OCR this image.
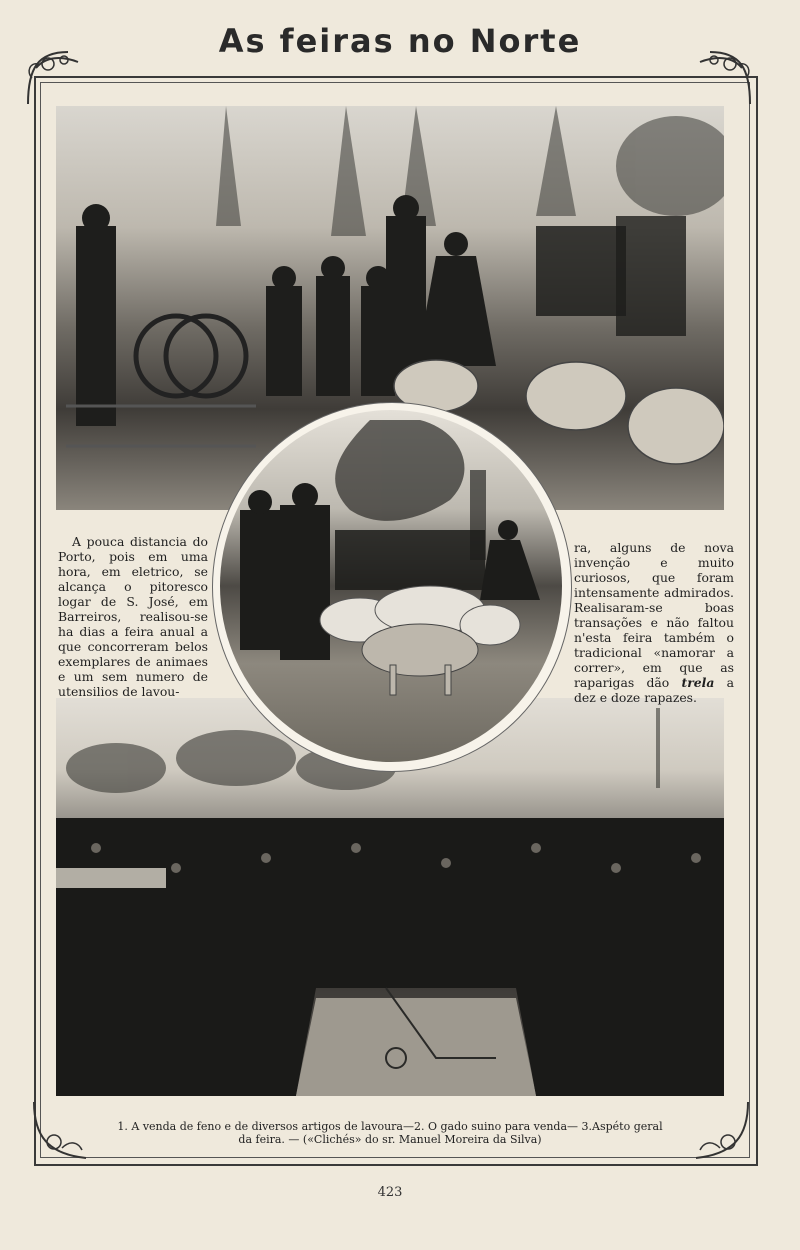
As feiras no Norte

A pouca distancia do Porto, pois em uma hora, em eletrico, se alcança o pitoresco logar de S. José, em Barreiros, realisou-se ha dias a feira anual a que concorreram belos exemplares de animaes e um sem numero de utensilios de lavou-

ra, alguns de nova invenção e muito curiosos, que foram intensamente admirados. Realisaram-se boas transações e não faltou n'esta feira também o tradicional «namorar a correr», em que as raparigas dão trela a dez e doze rapazes.

1. A venda de feno e de diversos artigos de lavoura—2. O gado suino para venda— 3.Aspéto geral
da feira. — («Clichés» do sr. Manuel Moreira da Silva)
423
